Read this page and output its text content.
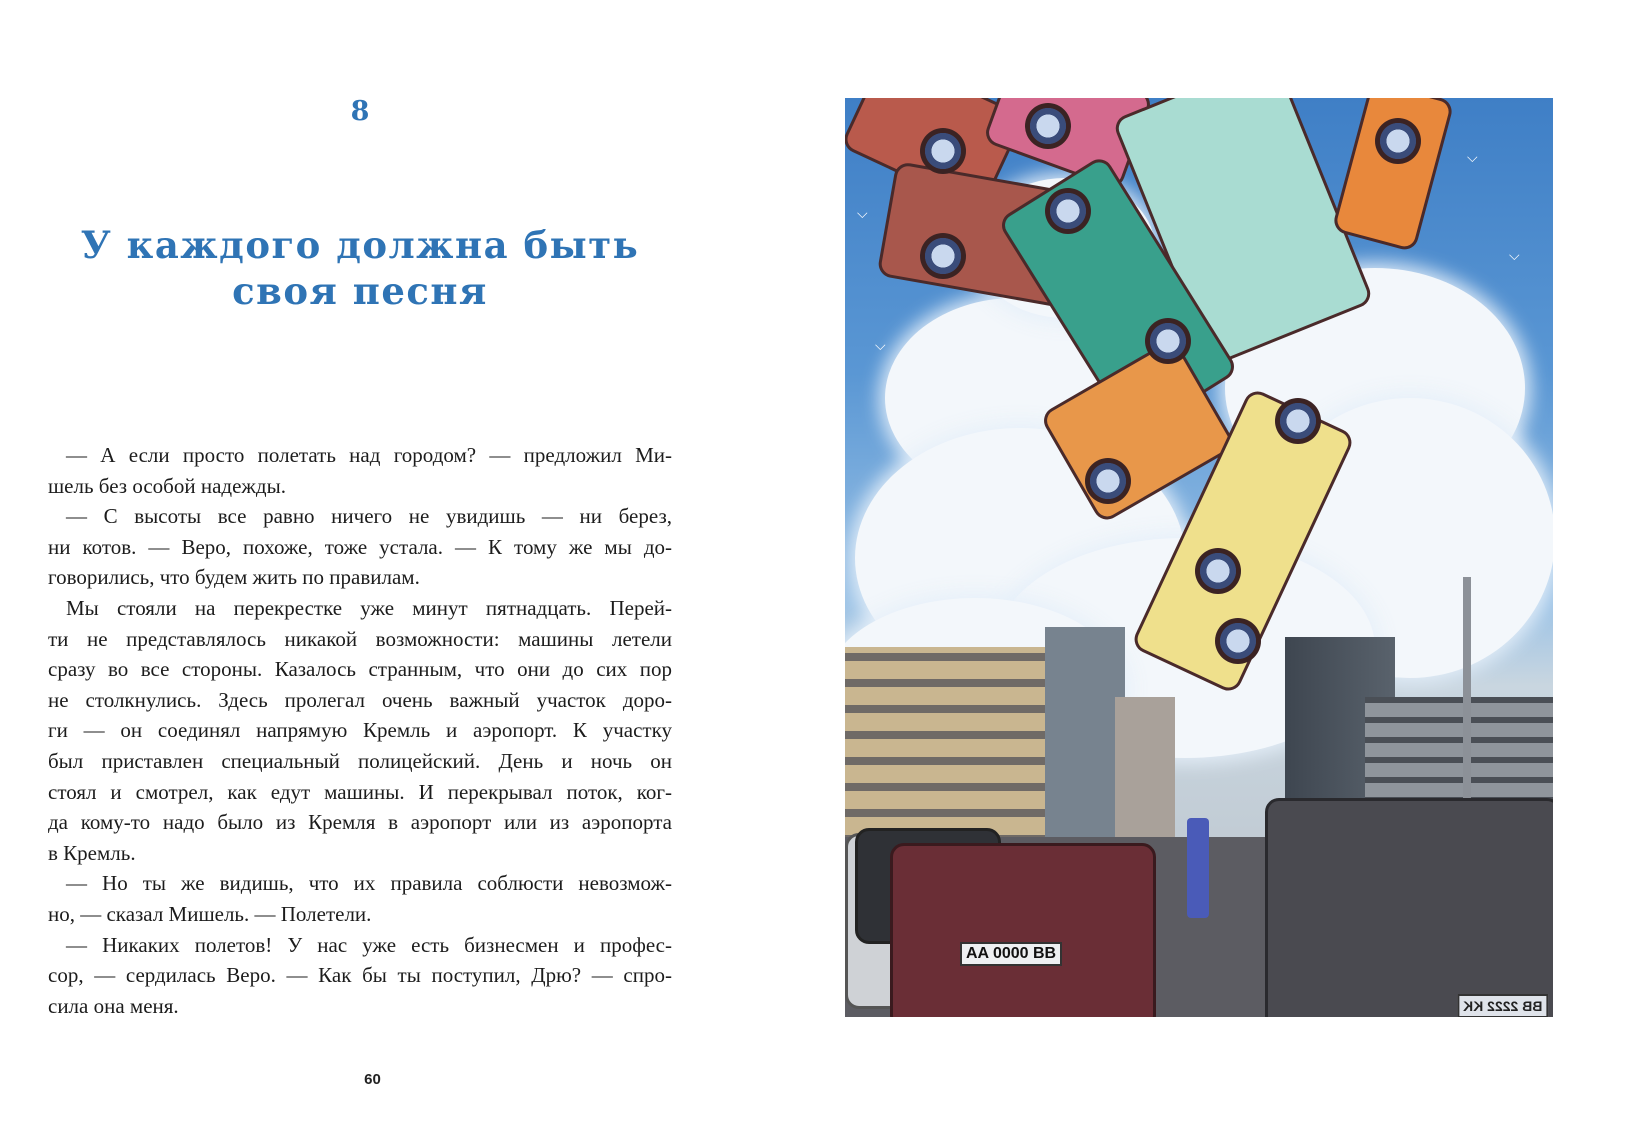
8
У каждого должна быть
своя песня
— А если просто полетать над городом? — предложил Ми-
шель без особой надежды.
— С высоты все равно ничего не увидишь — ни берез,
ни котов. — Веро, похоже, тоже устала. — К тому же мы до-
говорились, что будем жить по правилам.
Мы стояли на перекрестке уже минут пятнадцать. Перей-
ти не представлялось никакой возможности: машины летели
сразу во все стороны. Казалось странным, что они до сих пор
не столкнулись. Здесь пролегал очень важный участок доро-
ги — он соединял напрямую Кремль и аэропорт. К участку
был приставлен специальный полицейский. День и ночь он
стоял и смотрел, как едут машины. И перекрывал поток, ког-
да кому-то надо было из Кремля в аэропорт или из аэропорта
в Кремль.
— Но ты же видишь, что их правила соблюсти невозмож-
но, — сказал Мишель. — Полетели.
— Никаких полетов! У нас уже есть бизнесмен и профес-
сор, — сердилась Веро. — Как бы ты поступил, Дрю? — спро-
сила она меня.
60
⌵
⌵
⌵
⌵
AA 0000 BB
BB 2222 KK
